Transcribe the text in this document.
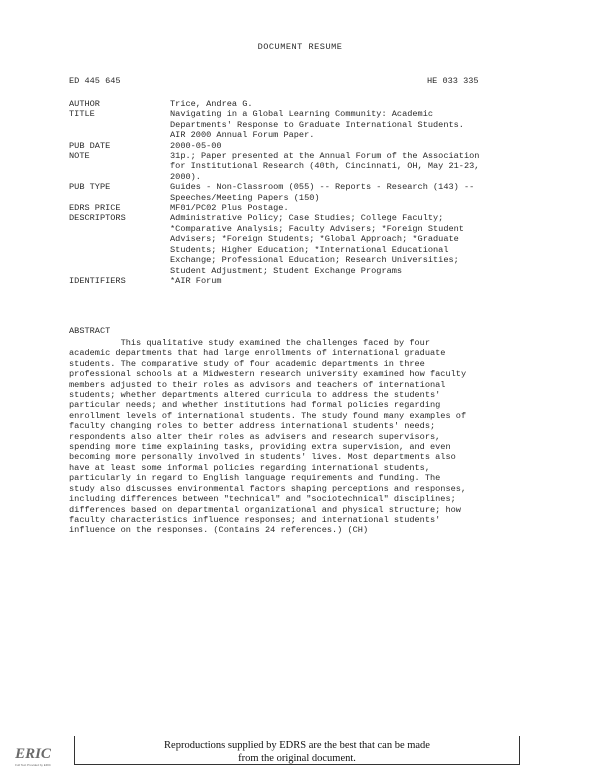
DOCUMENT RESUME
ED 445 645	HE 033 335
AUTHOR	Trice, Andrea G.
TITLE	Navigating in a Global Learning Community: Academic
Departments' Response to Graduate International Students.
AIR 2000 Annual Forum Paper.
PUB DATE	2000-05-00
NOTE	31p.; Paper presented at the Annual Forum of the Association
for Institutional Research (40th, Cincinnati, OH, May 21-23,
2000).
PUB TYPE	Guides - Non-Classroom (055) -- Reports - Research (143) --
Speeches/Meeting Papers (150)
EDRS PRICE	MF01/PC02 Plus Postage.
DESCRIPTORS	Administrative Policy; Case Studies; College Faculty;
*Comparative Analysis; Faculty Advisers; *Foreign Student
Advisers; *Foreign Students; *Global Approach; *Graduate
Students; Higher Education; *International Educational
Exchange; Professional Education; Research Universities;
Student Adjustment; Student Exchange Programs
IDENTIFIERS	*AIR Forum
ABSTRACT
This qualitative study examined the challenges faced by four
academic departments that had large enrollments of international graduate
students. The comparative study of four academic departments in three
professional schools at a Midwestern research university examined how faculty
members adjusted to their roles as advisors and teachers of international
students; whether departments altered curricula to address the students'
particular needs; and whether institutions had formal policies regarding
enrollment levels of international students. The study found many examples of
faculty changing roles to better address international students' needs;
respondents also alter their roles as advisers and research supervisors,
spending more time explaining tasks, providing extra supervision, and even
becoming more personally involved in students' lives. Most departments also
have at least some informal policies regarding international students,
particularly in regard to English language requirements and funding. The
study also discusses environmental factors shaping perceptions and responses,
including differences between "technical" and "sociotechnical" disciplines;
differences based on departmental organizational and physical structure; how
faculty characteristics influence responses; and international students'
influence on the responses. (Contains 24 references.) (CH)
ERIC
Full Text Provided by ERIC
Reproductions supplied by EDRS are the best that can be made
from the original document.
